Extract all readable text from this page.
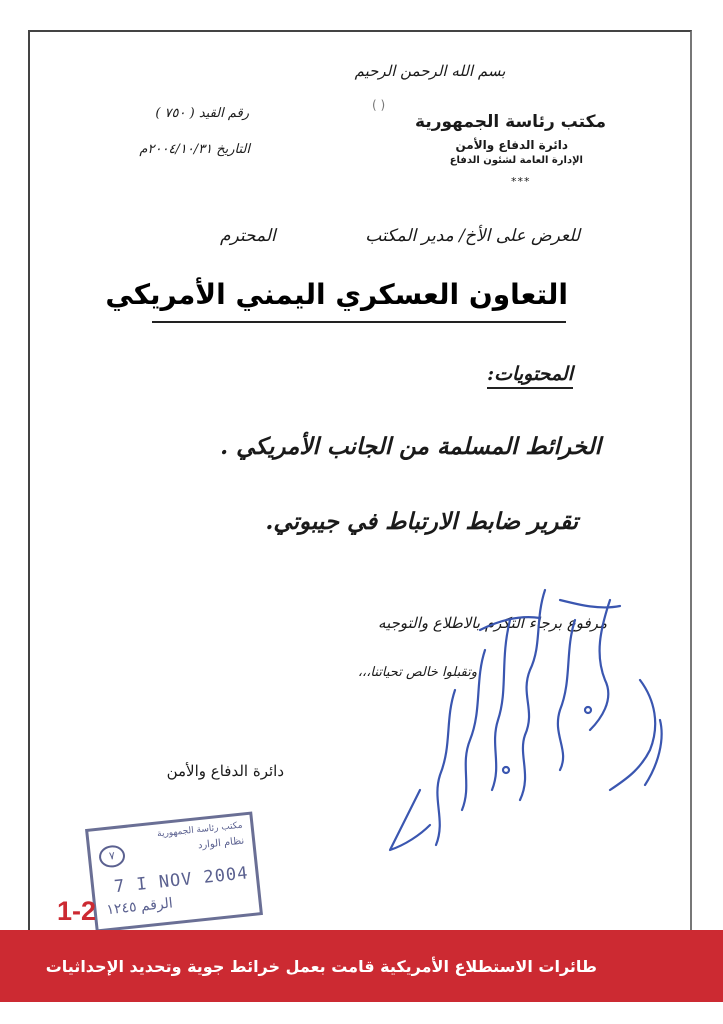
بسم الله الرحمن الرحيم
( )
مكتب رئاسة الجمهورية
دائرة الدفاع والأمن
الإدارة العامة لشئون الدفاع
***
رقم القيد ( ٧٥٠ )
التاريخ ٢٠٠٤/١٠/٣١م
للعرض على الأخ/ مدير المكتب
المحترم
التعاون العسكري اليمني الأمريكي
المحتويات:
الخرائط المسلمة من الجانب الأمريكي .
تقرير ضابط الارتباط في جيبوتي.
مرفوع برجاء التكرم بالاطلاع والتوجيه
وتقبلوا خالص تحياتنا،،،
دائرة الدفاع والأمن
مكتب رئاسة الجمهورية
نظام الوارد
٧
7 I NOV 2004
الرقم ١٢٤٥
1-2
طائرات الاستطلاع الأمريكية قامت بعمل خرائط جوية وتحديد الإحداثيات
